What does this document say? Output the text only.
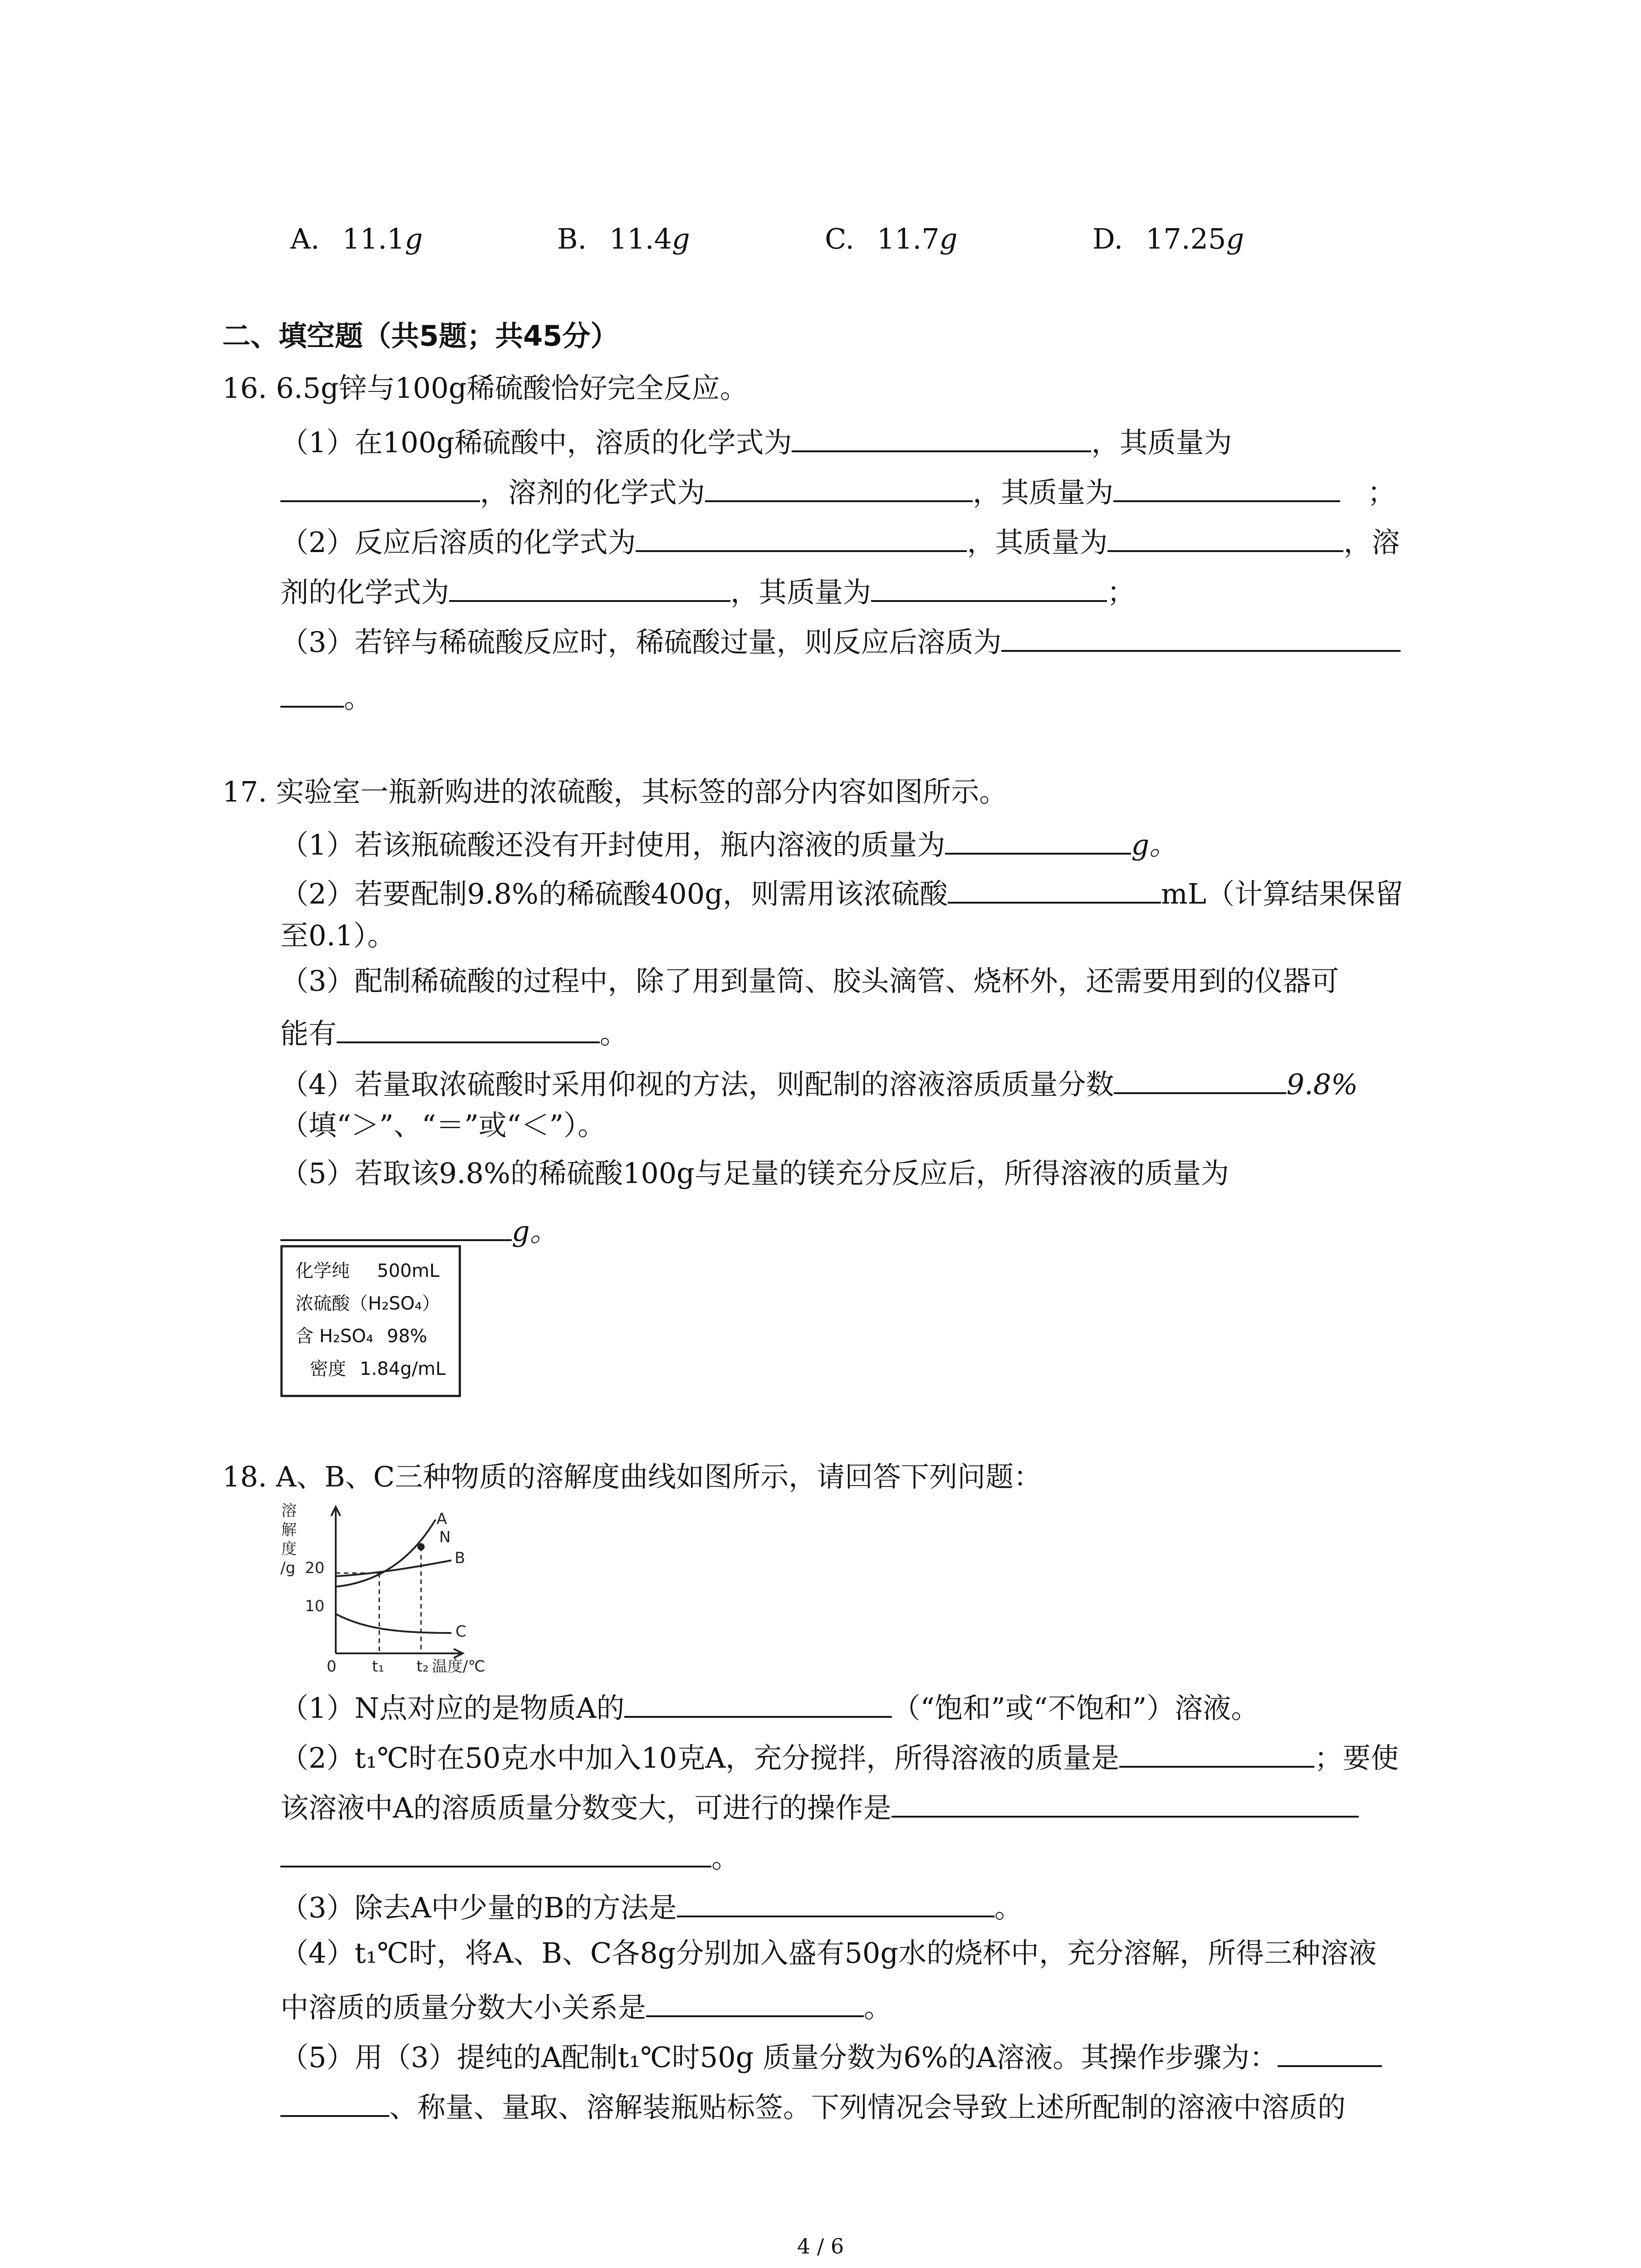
A. 11.1g	B. 11.4g	C. 11.7g	D. 17.25g
二、填空题（共5题；共45分）
16. 6.5g锌与100g稀硫酸恰好完全反应。
（1）在100g稀硫酸中，溶质的化学式为	，其质量为
，溶剂的化学式为	，其质量为	；
（2）反应后溶质的化学式为	，其质量为	，溶
剂的化学式为	，其质量为	；
（3）若锌与稀硫酸反应时，稀硫酸过量，则反应后溶质为
。
17. 实验室一瓶新购进的浓硫酸，其标签的部分内容如图所示。
（1）若该瓶硫酸还没有开封使用，瓶内溶液的质量为	g。
（2）若要配制9.8%的稀硫酸400g，则需用该浓硫酸	mL（计算结果保留
至0.1）。
（3）配制稀硫酸的过程中，除了用到量筒、胶头滴管、烧杯外，还需要用到的仪器可
能有	。
（4）若量取浓硫酸时采用仰视的方法，则配制的溶液溶质质量分数	9.8%
（填“＞”、“＝”或“＜”）。
（5）若取该9.8%的稀硫酸100g与足量的镁充分反应后，所得溶液的质量为
g。
化学纯 500mL
浓硫酸（H₂SO₄）
含 H₂SO₄ 98%
密度 1.84g/mL
18. A、B、C三种物质的溶解度曲线如图所示，请回答下列问题：
溶
解
度
/g 20
10
0 t₁ t₂ 温度/℃
A
N
B
C
（1）N点对应的是物质A的	（“饱和”或“不饱和”）溶液。
（2）t₁℃时在50克水中加入10克A，充分搅拌，所得溶液的质量是	；要使
该溶液中A的溶质质量分数变大，可进行的操作是
。
（3）除去A中少量的B的方法是	。
（4）t₁℃时，将A、B、C各8g分别加入盛有50g水的烧杯中，充分溶解，所得三种溶液
中溶质的质量分数大小关系是	。
（5）用（3）提纯的A配制t₁℃时50g 质量分数为6%的A溶液。其操作步骤为：
、称量、量取、溶解装瓶贴标签。下列情况会导致上述所配制的溶液中溶质的
4 / 6
